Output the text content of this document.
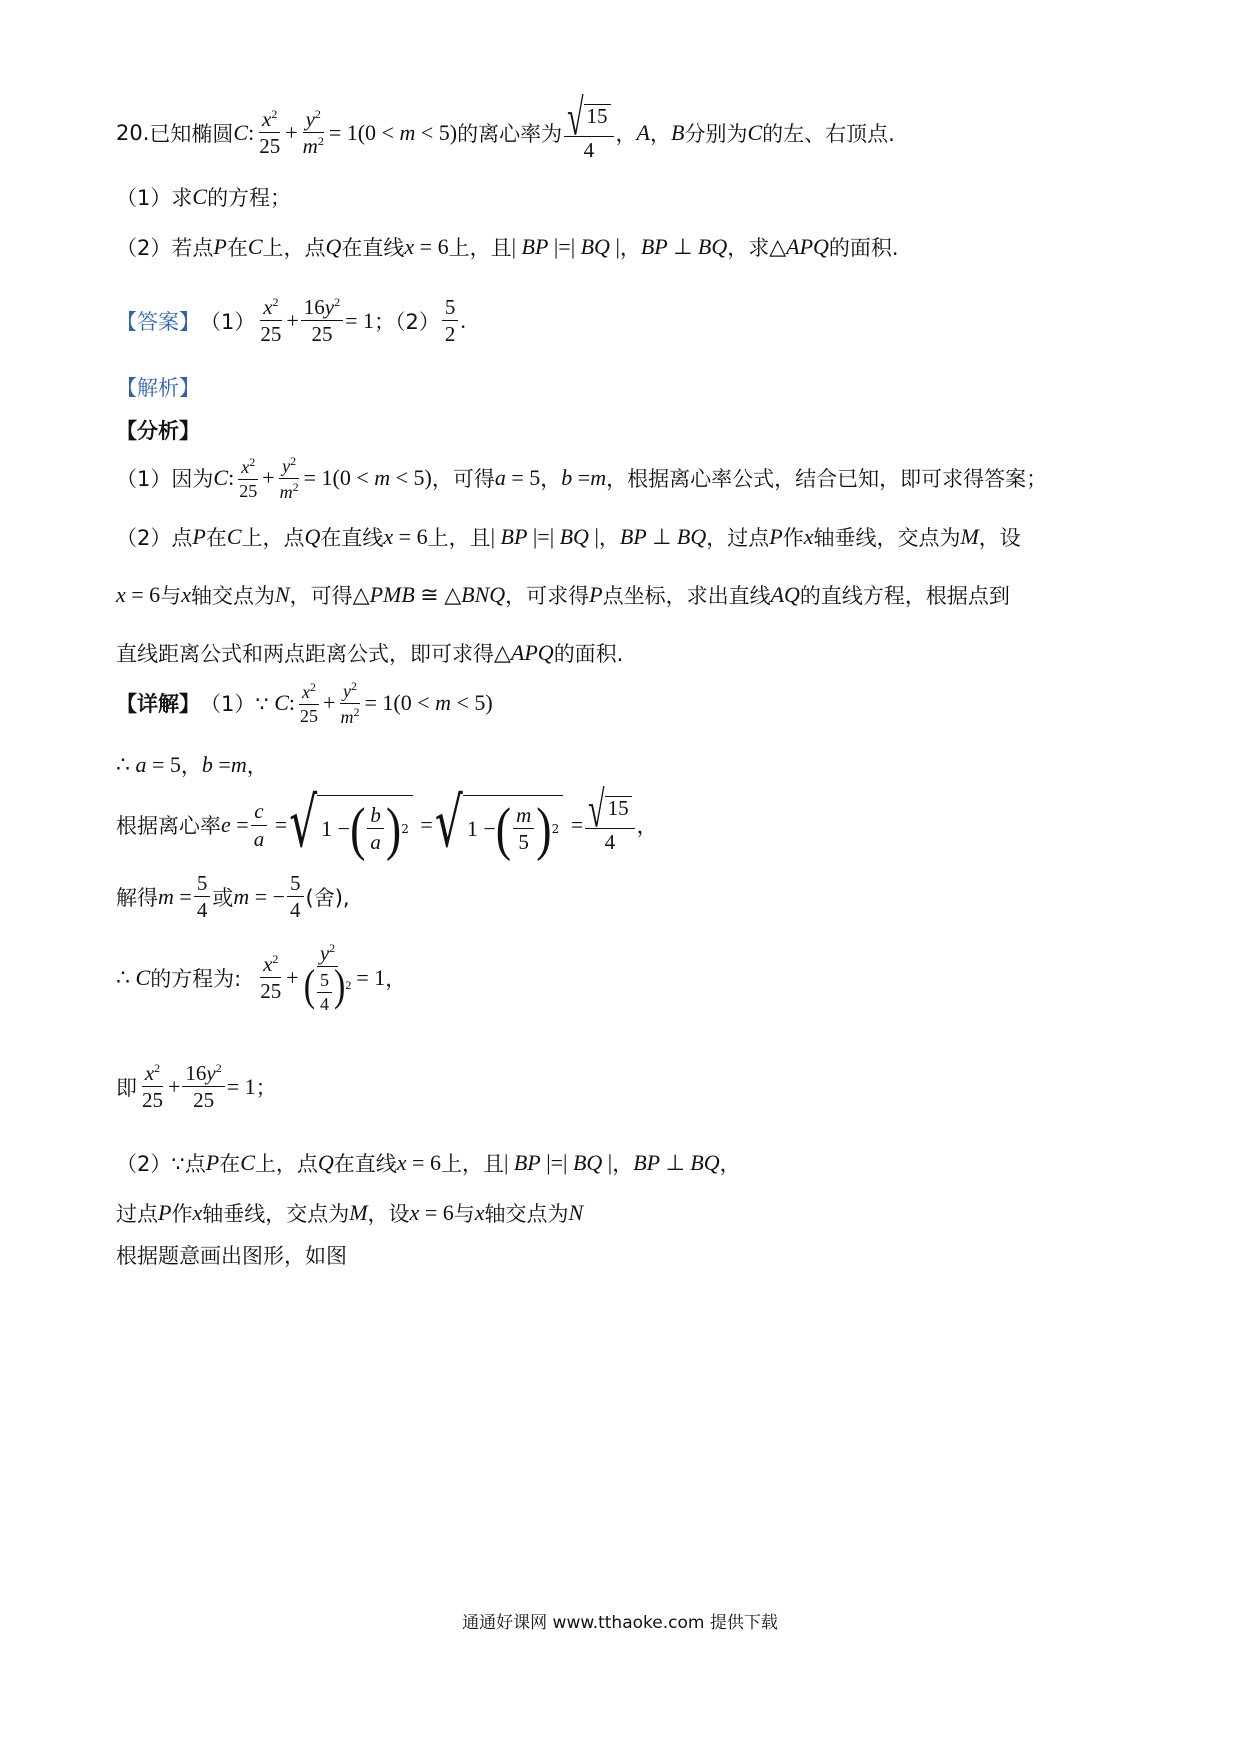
20. 已知椭圆 C : $\frac{x^2}{25} + \frac{y^2}{m^2} = 1(0 < m < 5)$ 的离心率为 $\frac{√ 15}{4}$ ， A ， B 分别为 C 的左、右顶点.
（1）求 C 的方程；
（2）若点 P 在 C 上，点 Q 在直线 x = 6 上，且 | BP |=| BQ | ， BP ⊥ BQ ，求 △ APQ 的面积.
【答案】 $(1) \frac{x^2}{25} + \frac{16y^2}{25} = 1$ ；$(2) \frac{5}{2}$ .
【解析】
【分析】
（1）因为 C : $\frac{x^2}{25} + \frac{y^2}{m^2} = 1(0 < m < 5)$ ，可得 a = 5 ， b = m ，根据离心率公式，结合已知，即可求得答案；
（2）点 P 在 C 上，点 Q 在直线 x = 6 上，且 | BP |=| BQ | ， BP ⊥ BQ ，过点 P 作 x 轴垂线，交点为 M ，设
x = 6 与 x 轴交点为 N ，可得 △ PMB ≅ △ BNQ ，可求得 P 点坐标，求出直线 AQ 的直线方程，根据点到
直线距离公式和两点距离公式，即可求得 △ APQ 的面积.
【详解】 （1）∵ C : $\frac{x^2}{25} + \frac{y^2}{m^2} = 1(0 < m < 5)$
∴ a = 5 ， b = m ，
根据离心率 $e = \frac{c}{a}$ = √ 1 − ( $\frac{b}{a}$ ) 2 = √ 1 − ( $\frac{m}{5}$ ) $2 = \frac{√ 15}{4}$ ，
解得 $m = \frac{5}{4}$ 或 m = − $\frac{5}{4}$ (舍),
∴ C 的方程为: $\frac{x^2}{25} + \frac{y^2}{( \frac{5}{4} )^2} = 1$ ，
即 $\frac{x^2}{25} + \frac{16y^2}{25} = 1$ ；
（2）∵点 P 在 C 上，点 Q 在直线 x = 6 上，且 | BP |=| BQ | ， BP ⊥ BQ ，
过点 P 作 x 轴垂线，交点为 M ，设 x = 6 与 x 轴交点为 N
根据题意画出图形，如图
通通好课网 www.tthaoke.com 提供下载
